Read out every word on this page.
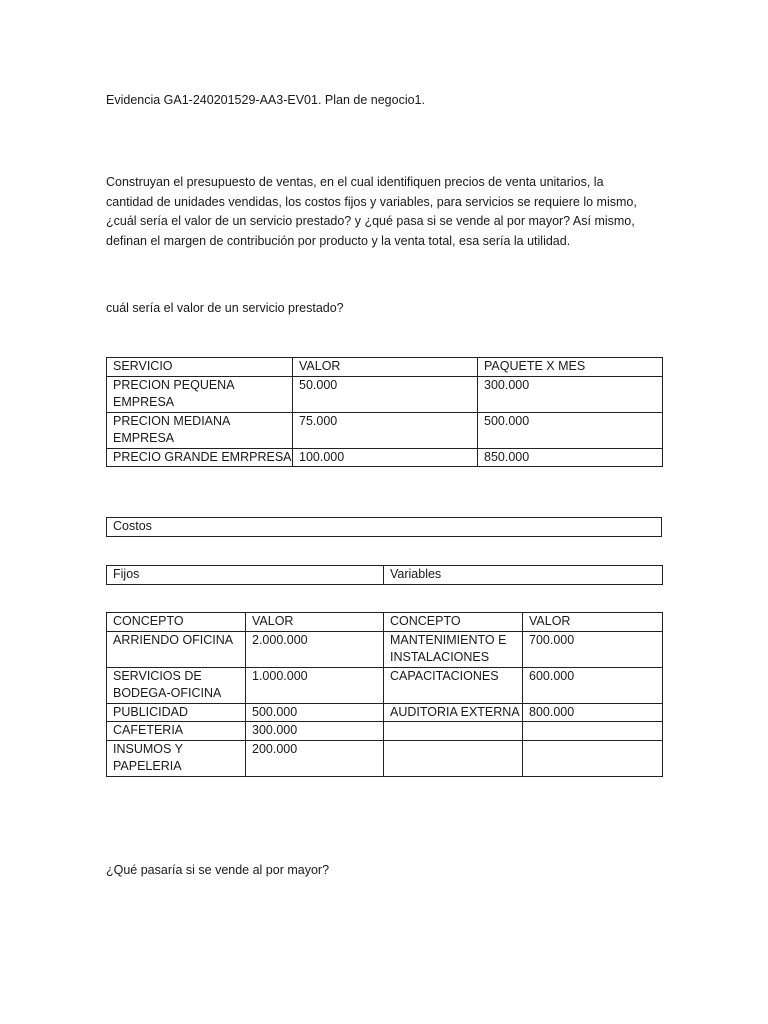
Evidencia GA1-240201529-AA3-EV01. Plan de negocio1.

Construyan el presupuesto de ventas, en el cual identifiquen precios de venta unitarios, la
cantidad de unidades vendidas, los costos fijos y variables, para servicios se requiere lo mismo,
¿cuál sería el valor de un servicio prestado? y ¿qué pasa si se vende al por mayor? Así mismo,
definan el margen de contribución por producto y la venta total, esa sería la utilidad.

cuál sería el valor de un servicio prestado?

SERVICIO	VALOR	PAQUETE X MES
PRECION PEQUENA EMPRESA	50.000	300.000
PRECION MEDIANA EMPRESA	75.000	500.000
PRECIO GRANDE EMRPRESA	100.000	850.000
Costos
Fijos	Variables
CONCEPTO	VALOR	CONCEPTO	VALOR
ARRIENDO OFICINA	2.000.000	MANTENIMIENTO E INSTALACIONES	700.000
SERVICIOS DE BODEGA-OFICINA	1.000.000	CAPACITACIONES	600.000
PUBLICIDAD	500.000	AUDITORIA EXTERNA	800.000
CAFETERIA	300.000		
INSUMOS Y PAPELERIA	200.000		

¿Qué pasaría si se vende al por mayor?
